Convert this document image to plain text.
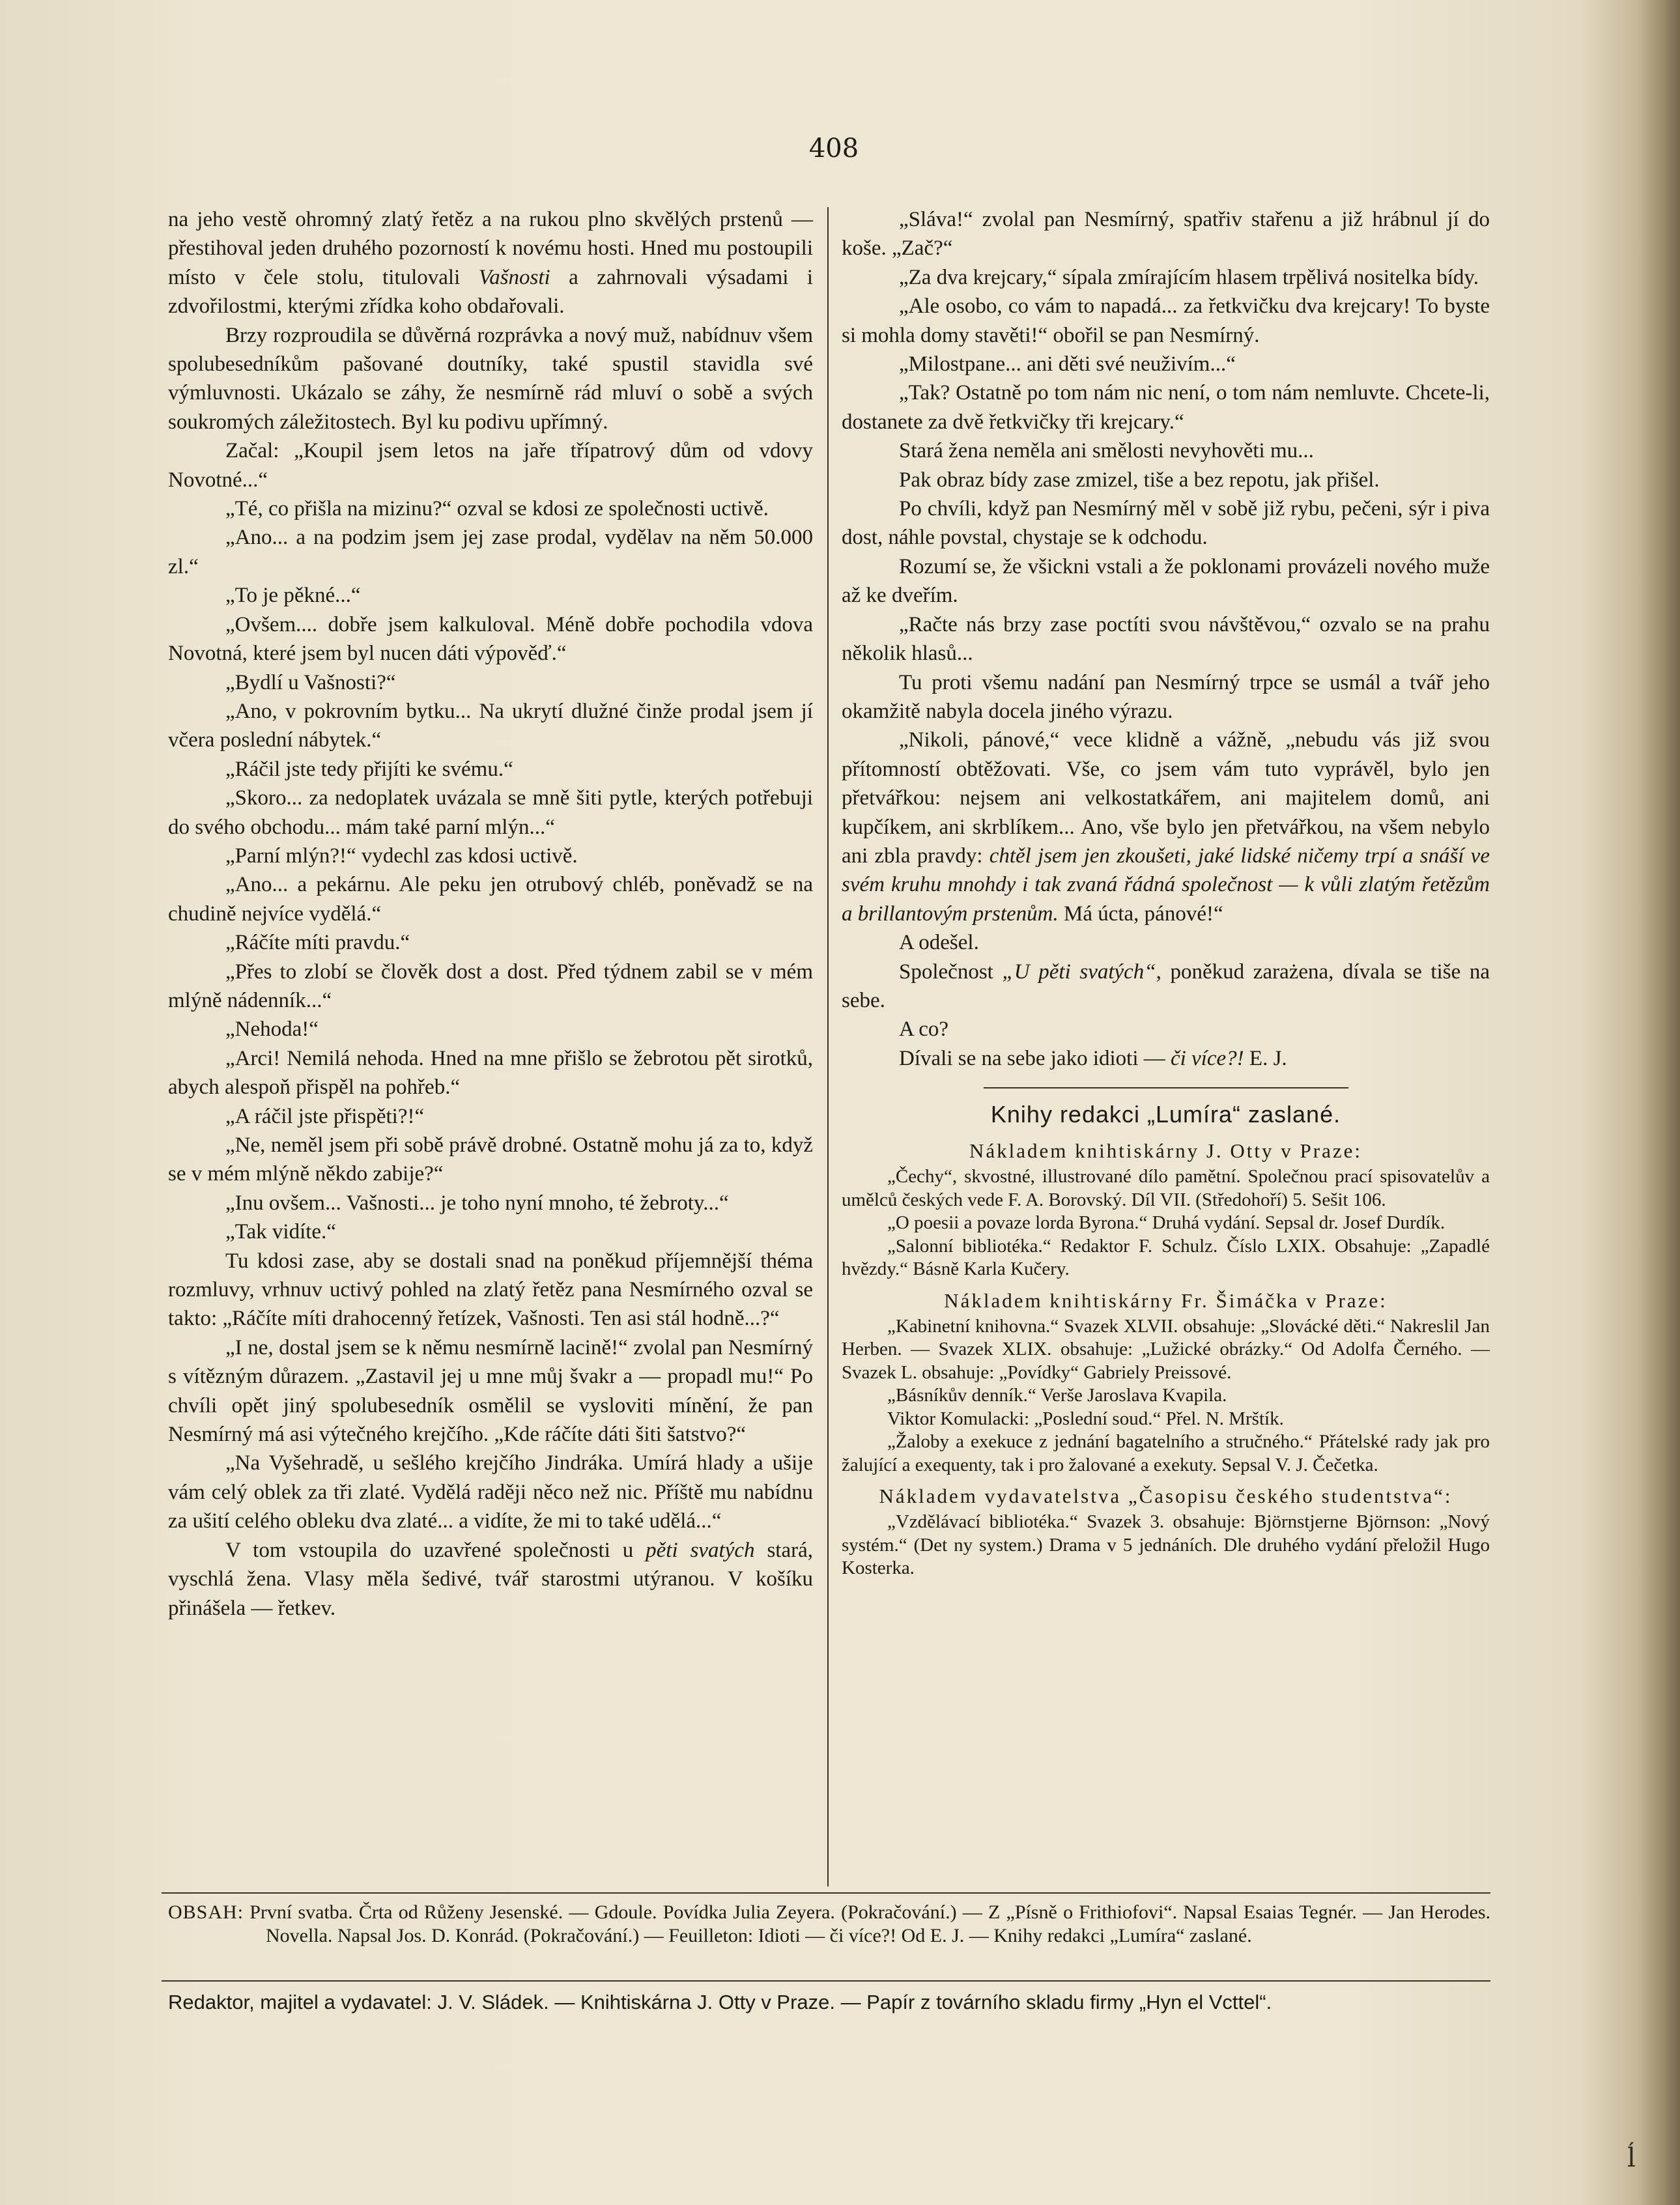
408

na jeho vestě ohromný zlatý řetěz a na rukou plno skvělých prstenů — přestihoval jeden druhého pozorností k novému hosti. Hned mu postoupili místo v čele stolu, titulovali Vašnosti a zahrnovali výsadami i zdvořilostmi, kterými zřídka koho obdařovali.

Brzy rozproudila se důvěrná rozprávka a nový muž, nabídnuv všem spolubesedníkům pašované doutníky, také spustil stavidla své výmluvnosti. Ukázalo se záhy, že nesmírně rád mluví o sobě a svých soukromých záležitostech. Byl ku podivu upřímný.

Začal: „Koupil jsem letos na jaře třípatrový dům od vdovy Novotné...“

„Té, co přišla na mizinu?“ ozval se kdosi ze společnosti uctivě.

„Ano... a na podzim jsem jej zase prodal, vydělav na něm 50.000 zl.“

„To je pěkné...“

„Ovšem.... dobře jsem kalkuloval. Méně dobře pochodila vdova Novotná, které jsem byl nucen dáti výpověď.“

„Bydlí u Vašnosti?“

„Ano, v pokrovním bytku... Na ukrytí dlužné činže prodal jsem jí včera poslední nábytek.“

„Ráčil jste tedy přijíti ke svému.“

„Skoro... za nedoplatek uvázala se mně šiti pytle, kterých potřebuji do svého obchodu... mám také parní mlýn...“

„Parní mlýn?!“ vydechl zas kdosi uctivě.

„Ano... a pekárnu. Ale peku jen otrubový chléb, poněvadž se na chudině nejvíce vydělá.“

„Ráčíte míti pravdu.“

„Přes to zlobí se člověk dost a dost. Před týdnem zabil se v mém mlýně nádenník...“

„Nehoda!“

„Arci! Nemilá nehoda. Hned na mne přišlo se žebrotou pět sirotků, abych alespoň přispěl na pohřeb.“

„A ráčil jste přispěti?!“

„Ne, neměl jsem při sobě právě drobné. Ostatně mohu já za to, když se v mém mlýně někdo zabije?“

„Inu ovšem... Vašnosti... je toho nyní mnoho, té žebroty...“

„Tak vidíte.“

Tu kdosi zase, aby se dostali snad na poněkud příjemnější théma rozmluvy, vrhnuv uctivý pohled na zlatý řetěz pana Nesmírného ozval se takto: „Ráčíte míti drahocenný řetízek, Vašnosti. Ten asi stál hodně...?“

„I ne, dostal jsem se k němu nesmírně lacině!“ zvolal pan Nesmírný s vítězným důrazem. „Zastavil jej u mne můj švakr a — propadl mu!“ Po chvíli opět jiný spolubesedník osmělil se vysloviti mínění, že pan Nesmírný má asi výtečného krejčího. „Kde ráčíte dáti šiti šatstvo?“

„Na Vyšehradě, u sešlého krejčího Jindráka. Umírá hlady a ušije vám celý oblek za tři zlaté. Vydělá raději něco než nic. Příště mu nabídnu za ušití celého obleku dva zlaté... a vidíte, že mi to také udělá...“

V tom vstoupila do uzavřené společnosti u pěti svatých stará, vyschlá žena. Vlasy měla šedivé, tvář starostmi utýranou. V košíku přinášela — řetkev.

„Sláva!“ zvolal pan Nesmírný, spatřiv stařenu a již hrábnul jí do koše. „Zač?“

„Za dva krejcary,“ sípala zmírajícím hlasem trpělivá nositelka bídy.

„Ale osobo, co vám to napadá... za řetkvičku dva krejcary! To byste si mohla domy stavěti!“ obořil se pan Nesmírný.

„Milostpane... ani děti své neuživím...“

„Tak? Ostatně po tom nám nic není, o tom nám nemluvte. Chcete-li, dostanete za dvě řetkvičky tři krejcary.“

Stará žena neměla ani smělosti nevyhověti mu...

Pak obraz bídy zase zmizel, tiše a bez repotu, jak přišel.

Po chvíli, když pan Nesmírný měl v sobě již rybu, pečeni, sýr i piva dost, náhle povstal, chystaje se k odchodu.

Rozumí se, že všickni vstali a že poklonami provázeli nového muže až ke dveřím.

„Račte nás brzy zase poctíti svou návštěvou,“ ozvalo se na prahu několik hlasů...

Tu proti všemu nadání pan Nesmírný trpce se usmál a tvář jeho okamžitě nabyla docela jiného výrazu.

„Nikoli, pánové,“ vece klidně a vážně, „nebudu vás již svou přítomností obtěžovati. Vše, co jsem vám tuto vyprávěl, bylo jen přetvářkou: nejsem ani velkostatkářem, ani majitelem domů, ani kupčíkem, ani skrblíkem... Ano, vše bylo jen přetvářkou, na všem nebylo ani zbla pravdy: chtěl jsem jen zkoušeti, jaké lidské ničemy trpí a snáší ve svém kruhu mnohdy i tak zvaná řádná společnost — k vůli zlatým řetězům a brillantovým prstenům. Má úcta, pánové!“

A odešel.

Společnost „U pěti svatých“, poněkud zarażena, dívala se tiše na sebe.

A co?

Dívali se na sebe jako idioti — či více?! E. J.

Knihy redakci „Lumíra“ zaslané.

Nákladem knihtiskárny J. Otty v Praze:

„Čechy“, skvostné, illustrované dílo pamětní. Společnou prací spisovatelův a umělců českých vede F. A. Borovský. Díl VII. (Středohoří) 5. Sešit 106.

„O poesii a povaze lorda Byrona.“ Druhá vydání. Sepsal dr. Josef Durdík.

„Salonní bibliotéka.“ Redaktor F. Schulz. Číslo LXIX. Obsahuje: „Zapadlé hvězdy.“ Básně Karla Kučery.

Nákladem knihtiskárny Fr. Šimáčka v Praze:

„Kabinetní knihovna.“ Svazek XLVII. obsahuje: „Slovácké děti.“ Nakreslil Jan Herben. — Svazek XLIX. obsahuje: „Lužické obrázky.“ Od Adolfa Černého. — Svazek L. obsahuje: „Povídky“ Gabriely Preissové.

„Básníkův denník.“ Verše Jaroslava Kvapila.

Viktor Komulacki: „Poslední soud.“ Přel. N. Mrštík.

„Žaloby a exekuce z jednání bagatelního a stručného.“ Přátelské rady jak pro žalující a exequenty, tak i pro žalované a exekuty. Sepsal V. J. Čečetka.

Nákladem vydavatelstva „Časopisu českého studentstva“:

„Vzdělávací bibliotéka.“ Svazek 3. obsahuje: Björnstjerne Björnson: „Nový systém.“ (Det ny system.) Drama v 5 jednáních. Dle druhého vydání přeložil Hugo Kosterka.

OBSAH: První svatba. Črta od Růženy Jesenské. — Gdoule. Povídka Julia Zeyera. (Pokračování.) — Z „Písně o Frithiofovi“. Napsal Esaias Tegnér. — Jan Herodes. Novella. Napsal Jos. D. Konrád. (Pokračování.) — Feuilleton: Idioti — či více?! Od E. J. — Knihy redakci „Lumíra“ zaslané.
Redaktor, majitel a vydavatel: J. V. Sládek. — Knihtiskárna J. Otty v Praze. — Papír z továrního skladu firmy „Hyn el Vcttel“.
ĺ
